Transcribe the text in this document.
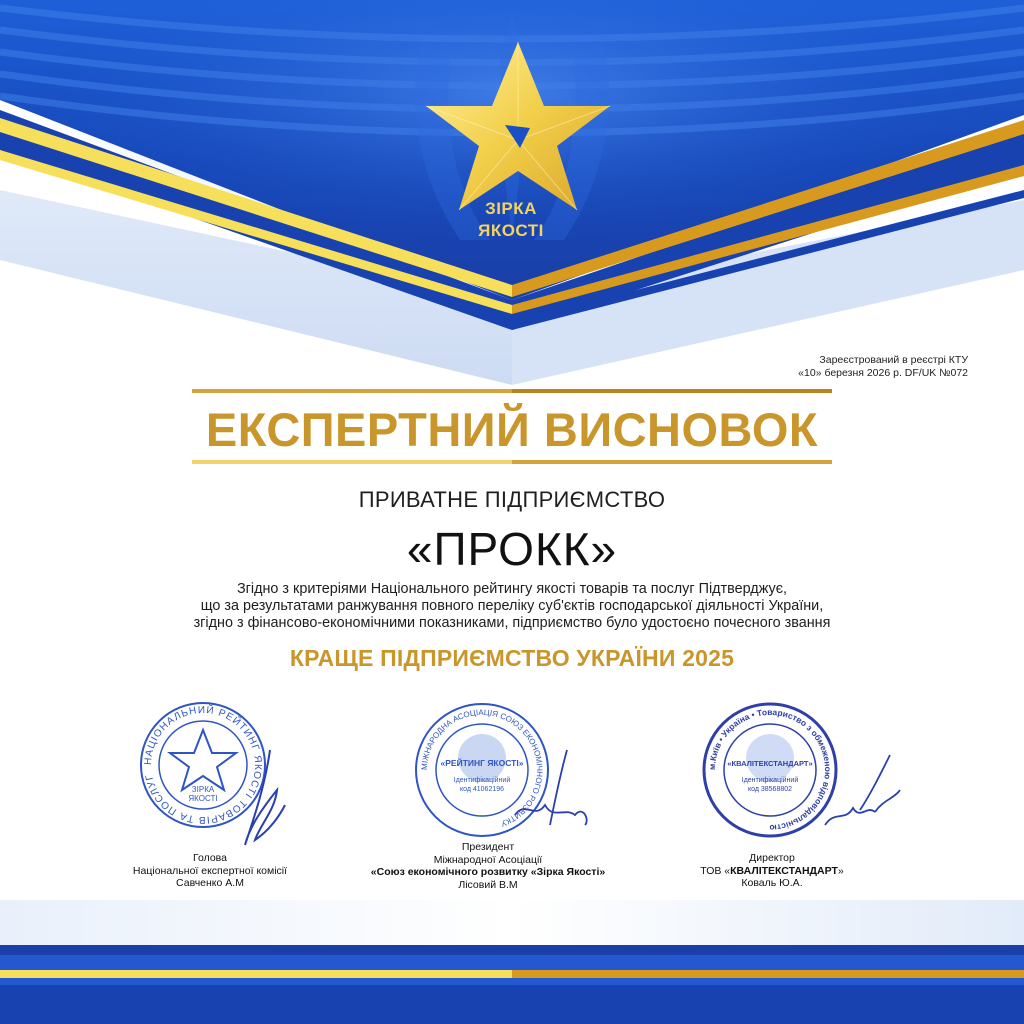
ЗІРКА
ЯКОСТІ
Зареєстрований в реєстрі КТУ
«10» березня 2026 р. DF/UK №072
ЕКСПЕРТНИЙ ВИСНОВОК
ПРИВАТНЕ ПІДПРИЄМСТВО
«ПРОКК»
Згідно з критеріями Національного рейтингу якості товарів та послуг Підтверджує,
що за результатами ранжування повного переліку суб'єктів господарської діяльності України,
згідно з фінансово-економічними показниками, підприємство було удостоєно почесного звання
КРАЩЕ ПІДПРИЄМСТВО УКРАЇНИ 2025
НАЦІОНАЛЬНИЙ РЕЙТИНГ ЯКОСТІ ТОВАРІВ ТА ПОСЛУГ
ЗІРКА
ЯКОСТІ
МІЖНАРОДНА АСОЦІАЦІЯ СОЮЗ ЕКОНОМІЧНОГО РОЗВИТКУ
«РЕЙТИНГ ЯКОСТІ»
Ідентифікаційний
код 41062196
м.Київ • Україна • Товариство з обмеженою відповідальністю
«КВАЛІТЕКСТАНДАРТ»
Ідентифікаційний
код 38568802
Голова
Національної експертної комісії
Савченко А.М
Президент
Міжнародної Асоціації
«Союз економічного розвитку «Зірка Якості»
Лісовий В.М
Директор
ТОВ «КВАЛІТЕКСТАНДАРТ»
Коваль Ю.А.
